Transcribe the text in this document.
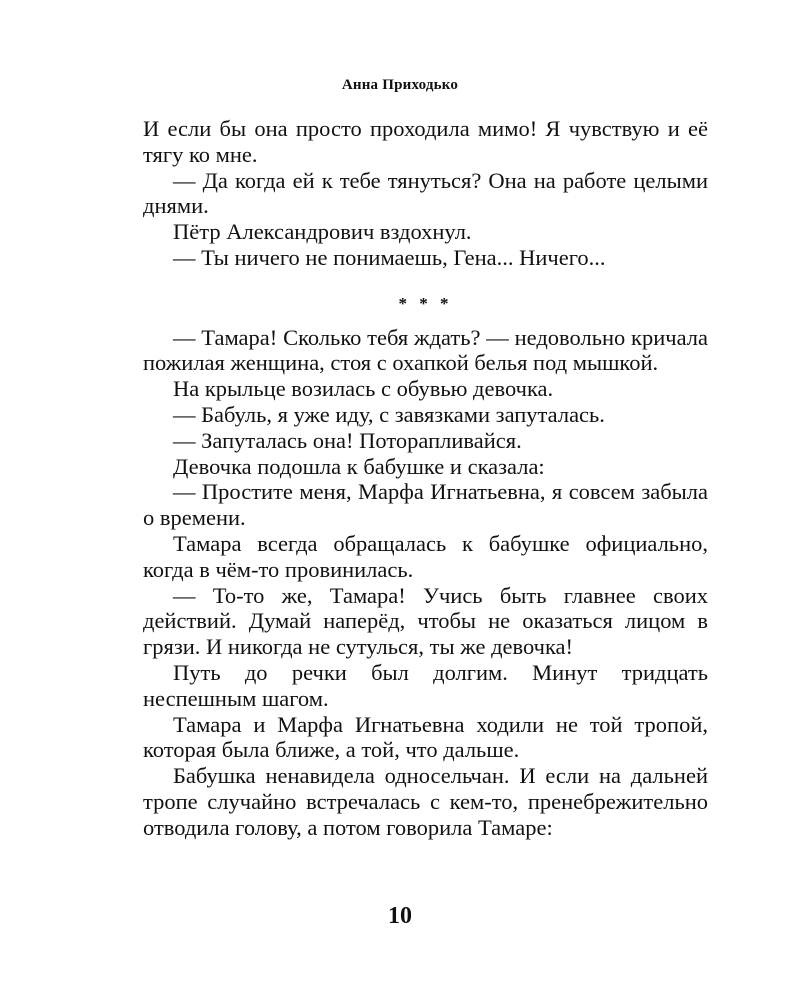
Анна Приходько

И если бы она просто проходила мимо! Я чувствую и её тягу ко мне.

— Да когда ей к тебе тянуться? Она на работе целыми днями.

Пётр Александрович вздохнул.

— Ты ничего не понимаешь, Гена... Ничего...

* * *

— Тамара! Сколько тебя ждать? — недовольно кричала пожилая женщина, стоя с охапкой белья под мышкой.

На крыльце возилась с обувью девочка.

— Бабуль, я уже иду, с завязками запуталась.

— Запуталась она! Поторапливайся.

Девочка подошла к бабушке и сказала:

— Простите меня, Марфа Игнатьевна, я совсем забыла о времени.

Тамара всегда обращалась к бабушке официально, когда в чём-то провинилась.

— То-то же, Тамара! Учись быть главнее своих действий. Думай наперёд, чтобы не оказаться лицом в грязи. И никогда не сутулься, ты же девочка!

Путь до речки был долгим. Минут тридцать неспешным шагом.

Тамара и Марфа Игнатьевна ходили не той тропой, которая была ближе, а той, что дальше.

Бабушка ненавидела односельчан. И если на дальней тропе случайно встречалась с кем-то, пренебрежительно отводила голову, а потом говорила Тамаре:

10
